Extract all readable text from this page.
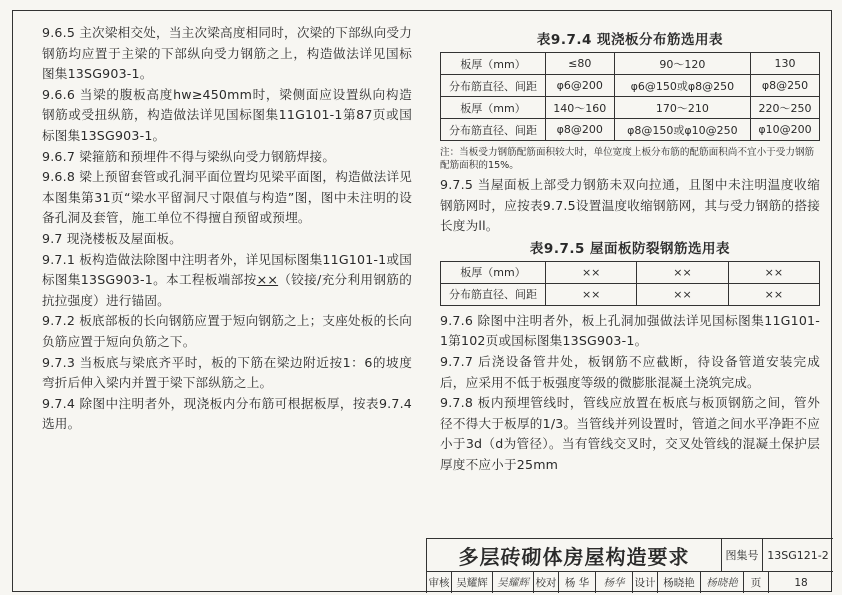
9.6.5 主次梁相交处，当主次梁高度相同时，次梁的下部纵向受力钢筋均应置于主梁的下部纵向受力钢筋之上，构造做法详见国标图集13SG903-1。

9.6.6 当梁的腹板高度hw≥450mm时，梁侧面应设置纵向构造钢筋或受扭纵筋，构造做法详见国标图集11G101-1第87页或国标图集13SG903-1。

9.6.7 梁箍筋和预埋件不得与梁纵向受力钢筋焊接。

9.6.8 梁上预留套管或孔洞平面位置均见梁平面图，构造做法详见本图集第31页“梁水平留洞尺寸限值与构造”图，图中未注明的设备孔洞及套管，施工单位不得擅自预留或预埋。

9.7 现浇楼板及屋面板。

9.7.1 板构造做法除图中注明者外，详见国标图集11G101-1或国标图集13SG903-1。本工程板端部按××（铰接/充分利用钢筋的抗拉强度）进行锚固。

9.7.2 板底部板的长向钢筋应置于短向钢筋之上；支座处板的长向负筋应置于短向负筋之下。

9.7.3 当板底与梁底齐平时，板的下筋在梁边附近按1：6的坡度弯折后伸入梁内并置于梁下部纵筋之上。

9.7.4 除图中注明者外，现浇板内分布筋可根据板厚，按表9.7.4选用。

表9.7.4 现浇板分布筋选用表
板厚（mm）	≤80	90～120	130
分布筋直径、间距	φ6@200	φ6@150或φ8@250	φ8@250
板厚（mm）	140～160	170～210	220～250
分布筋直径、间距	φ8@200	φ8@150或φ10@250	φ10@200

注：当板受力钢筋配筋面积较大时，单位宽度上板分布筋的配筋面积尚不宜小于受力钢筋配筋面积的15%。

9.7.5 当屋面板上部受力钢筋未双向拉通，且图中未注明温度收缩钢筋网时，应按表9.7.5设置温度收缩钢筋网，其与受力钢筋的搭接长度为ll。

表9.7.5 屋面板防裂钢筋选用表
板厚（mm）	××	××	××
分布筋直径、间距	××	××	××

9.7.6 除图中注明者外，板上孔洞加强做法详见国标图集11G101-1第102页或国标图集13SG903-1。

9.7.7 后浇设备管井处，板钢筋不应截断，待设备管道安装完成后，应采用不低于板强度等级的微膨胀混凝土浇筑完成。

9.7.8 板内预埋管线时，管线应放置在板底与板顶钢筋之间，管外径不得大于板厚的1/3。当管线并列设置时，管道之间水平净距不应小于3d（d为管径）。当有管线交叉时，交叉处管线的混凝土保护层厚度不应小于25mm

多层砖砌体房屋构造要求	图集号 13SG121-2
审核 吴耀辉 吴耀辉 校对 杨 华	杨华 设计 杨晓艳	杨晓艳	页	18
